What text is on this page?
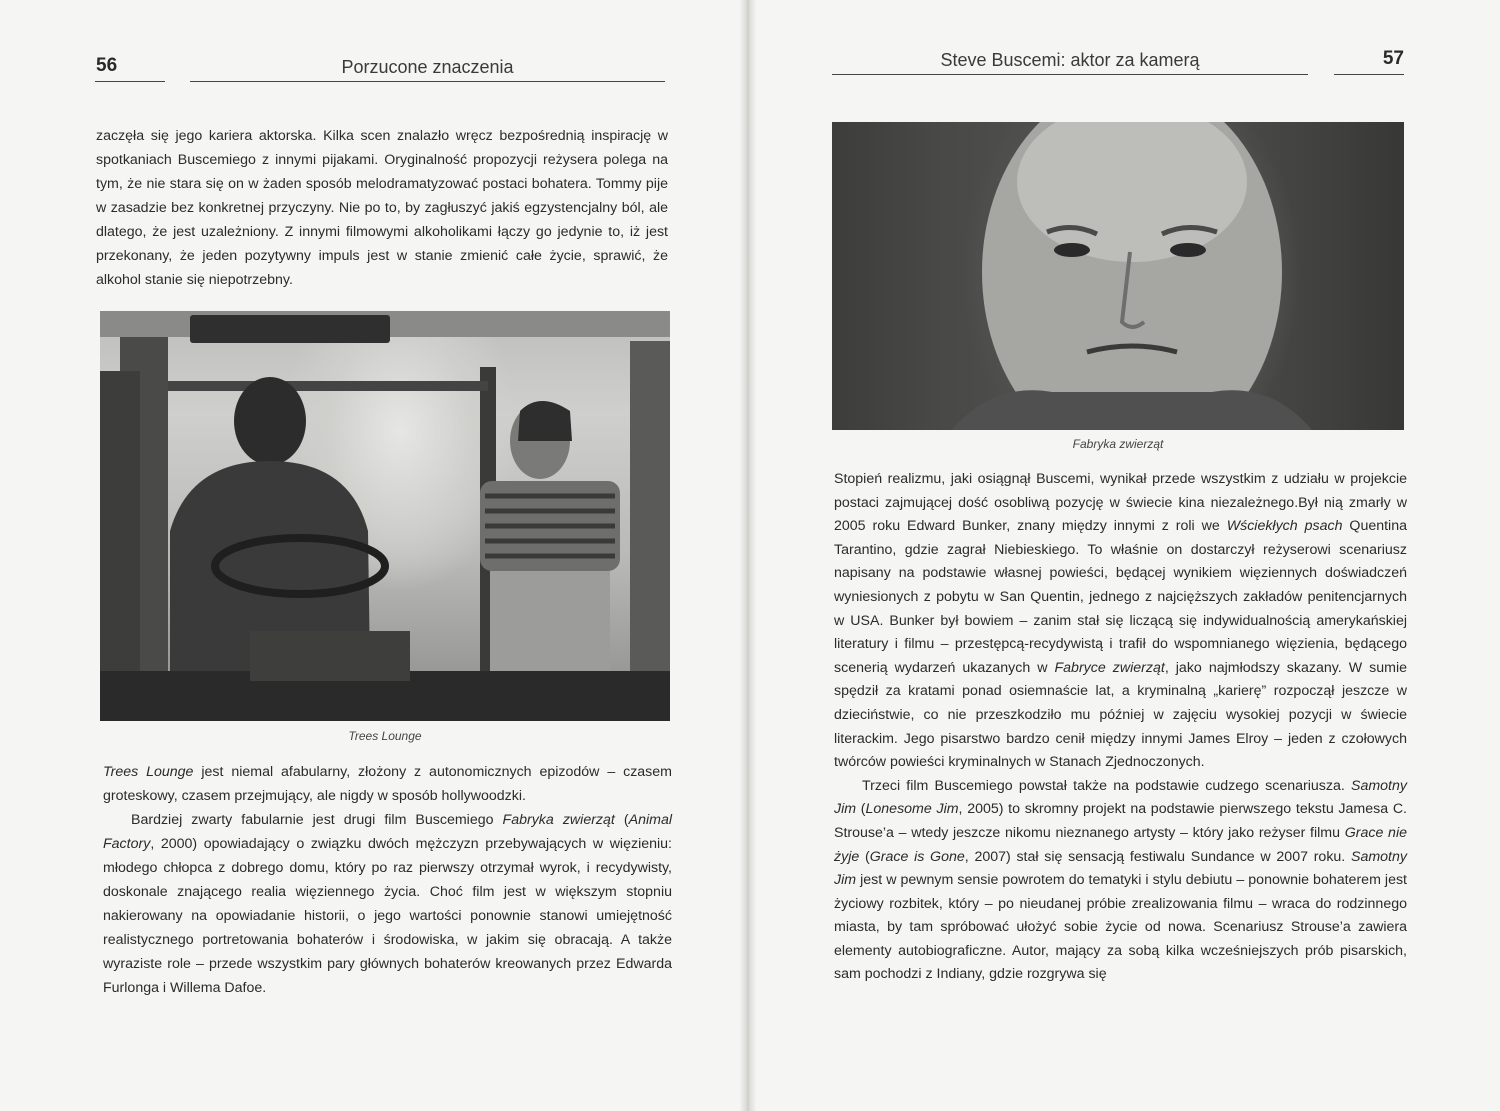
56	Porzucone znaczenia

zaczęła się jego kariera aktorska. Kilka scen znalazło wręcz bezpośrednią inspirację w spotkaniach Buscemiego z innymi pijakami. Oryginalność propozycji reżysera polega na tym, że nie stara się on w żaden sposób melodramatyzować postaci bohatera. Tommy pije w zasadzie bez konkretnej przyczyny. Nie po to, by zagłuszyć jakiś egzystencjalny ból, ale dlatego, że jest uzależniony. Z innymi filmowymi alkoholikami łączy go jedynie to, iż jest przekonany, że jeden pozytywny impuls jest w stanie zmienić całe życie, sprawić, że alkohol stanie się niepotrzebny.

Trees Lounge

Trees Lounge jest niemal afabularny, złożony z autonomicznych epizodów – czasem groteskowy, czasem przejmujący, ale nigdy w sposób hollywoodzki.

Bardziej zwarty fabularnie jest drugi film Buscemiego Fabryka zwierząt (Animal Factory, 2000) opowiadający o związku dwóch mężczyzn przebywających w więzieniu: młodego chłopca z dobrego domu, który po raz pierwszy otrzymał wyrok, i recydywisty, doskonale znającego realia więziennego życia. Choć film jest w większym stopniu nakierowany na opowiadanie historii, o jego wartości ponownie stanowi umiejętność realistycznego portretowania bohaterów i środowiska, w jakim się obracają. A także wyraziste role – przede wszystkim pary głównych bohaterów kreowanych przez Edwarda Furlonga i Willema Dafoe.

Steve Buscemi: aktor za kamerą	57
Fabryka zwierząt

Stopień realizmu, jaki osiągnął Buscemi, wynikał przede wszystkim z udziału w projekcie postaci zajmującej dość osobliwą pozycję w świecie kina niezależnego.Był nią zmarły w 2005 roku Edward Bunker, znany między innymi z roli we Wściekłych psach Quentina Tarantino, gdzie zagrał Niebieskiego. To właśnie on dostarczył reżyserowi scenariusz napisany na podstawie własnej powieści, będącej wynikiem więziennych doświadczeń wyniesionych z pobytu w San Quentin, jednego z najcięższych zakładów penitencjarnych w USA. Bunker był bowiem – zanim stał się liczącą się indywidualnością amerykańskiej literatury i filmu – przestępcą-recydywistą i trafił do wspomnianego więzienia, będącego scenerią wydarzeń ukazanych w Fabryce zwierząt, jako najmłodszy skazany. W sumie spędził za kratami ponad osiemnaście lat, a kryminalną „karierę” rozpoczął jeszcze w dzieciństwie, co nie przeszkodziło mu później w zajęciu wysokiej pozycji w świecie literackim. Jego pisarstwo bardzo cenił między innymi James Elroy – jeden z czołowych twórców powieści kryminalnych w Stanach Zjednoczonych.

Trzeci film Buscemiego powstał także na podstawie cudzego scenariusza. Samotny Jim (Lonesome Jim, 2005) to skromny projekt na podstawie pierwszego tekstu Jamesa C. Strouse’a – wtedy jeszcze nikomu nieznanego artysty – który jako reżyser filmu Grace nie żyje (Grace is Gone, 2007) stał się sensacją festiwalu Sundance w 2007 roku. Samotny Jim jest w pewnym sensie powrotem do tematyki i stylu debiutu – ponownie bohaterem jest życiowy rozbitek, który – po nieudanej próbie zrealizowania filmu – wraca do rodzinnego miasta, by tam spróbować ułożyć sobie życie od nowa. Scenariusz Strouse’a zawiera elementy autobiograficzne. Autor, mający za sobą kilka wcześniejszych prób pisarskich, sam pochodzi z Indiany, gdzie rozgrywa się
